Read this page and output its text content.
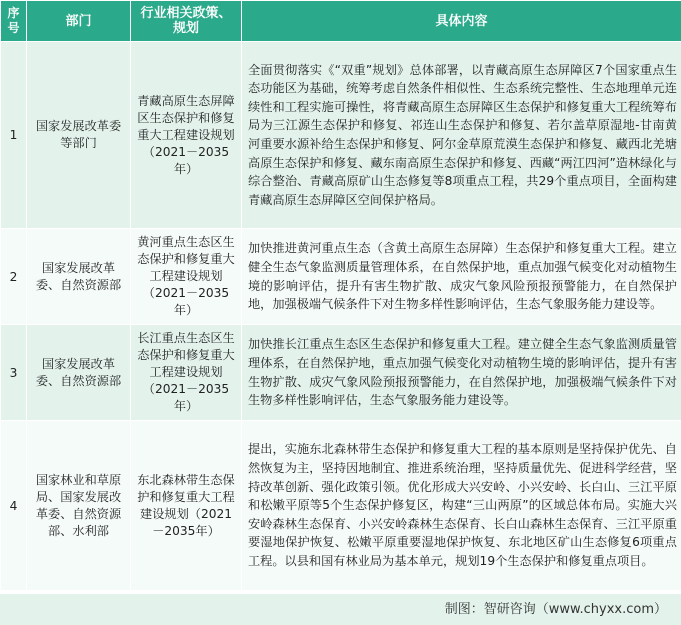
序号	部门	行业相关政策、规划	具体内容
1	国家发展改革委等部门	青藏高原生态屏障区生态保护和修复重大工程建设规划（2021－2035年）	全面贯彻落实《“双重”规划》总体部署，以青藏高原生态屏障区7个国家重点生态功能区为基础，统筹考虑自然条件相似性、生态系统完整性、生态地理单元连续性和工程实施可操性，将青藏高原生态屏障区生态保护和修复重大工程统筹布局为三江源生态保护和修复、祁连山生态保护和修复、若尔盖草原湿地-甘南黄河重要水源补给生态保护和修复、阿尔金草原荒漠生态保护和修复、藏西北羌塘高原生态保护和修复、藏东南高原生态保护和修复、西藏“两江四河”造林绿化与综合整治、青藏高原矿山生态修复等8项重点工程，共29个重点项目，全面构建青藏高原生态屏障区空间保护格局。
2	国家发展改革委、自然资源部	黄河重点生态区生态保护和修复重大工程建设规划（2021－2035年）	加快推进黄河重点生态（含黄土高原生态屏障）生态保护和修复重大工程。建立健全生态气象监测质量管理体系，在自然保护地，重点加强气候变化对动植物生境的影响评估，提升有害生物扩散、成灾气象风险预报预警能力，在自然保护地，加强极端气候条件下对生物多样性影响评估，生态气象服务能力建设等。
3	国家发展改革委、自然资源部	长江重点生态区生态保护和修复重大工程建设规划（2021－2035年）	加快推长江重点生态区生态保护和修复重大工程。建立健全生态气象监测质量管理体系，在自然保护地，重点加强气候变化对动植物生境的影响评估，提升有害生物扩散、成灾气象风险预报预警能力，在自然保护地，加强极端气候条件下对生物多样性影响评估，生态气象服务能力建设等。
4	国家林业和草原局、国家发展改革委、自然资源部、水利部	东北森林带生态保护和修复重大工程建设规划（2021－2035年）	提出，实施东北森林带生态保护和修复重大工程的基本原则是坚持保护优先、自然恢复为主，坚持因地制宜、推进系统治理，坚持质量优先、促进科学经营，坚持改革创新、强化政策引领。优化形成大兴安岭、小兴安岭、长白山、三江平原和松嫩平原等5个生态保护修复区，构建“三山两原”的区域总体布局。实施大兴安岭森林生态保育、小兴安岭森林生态保育、长白山森林生态保育、三江平原重要湿地保护恢复、松嫩平原重要湿地保护恢复、东北地区矿山生态修复6项重点工程。以县和国有林业局为基本单元，规划19个生态保护和修复重点项目。
制图：智研咨询（www.chyxx.com）
